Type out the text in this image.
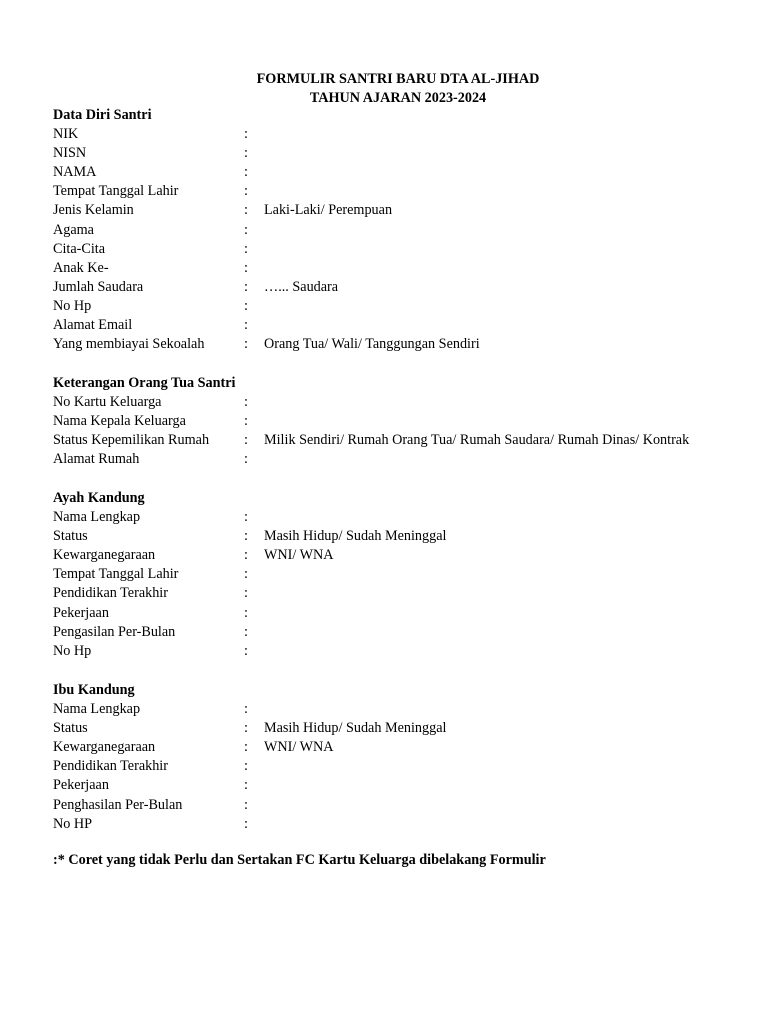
FORMULIR SANTRI BARU DTA AL-JIHAD
TAHUN AJARAN 2023-2024
Data Diri Santri
NIK	:
NISN	:
NAMA	:
Tempat Tanggal Lahir	:
Jenis Kelamin	: Laki-Laki/ Perempuan
Agama	:
Cita-Cita	:
Anak Ke-	:
Jumlah Saudara	: …... Saudara
No Hp	:
Alamat Email	:
Yang membiayai Sekoalah	: Orang Tua/ Wali/ Tanggungan Sendiri
Keterangan Orang Tua Santri
No Kartu Keluarga	:
Nama Kepala Keluarga	:
Status Kepemilikan Rumah : Milik Sendiri/ Rumah Orang Tua/ Rumah Saudara/ Rumah Dinas/ Kontrak
Alamat Rumah	:
Ayah Kandung
Nama Lengkap	:
Status	: Masih Hidup/ Sudah Meninggal
Kewarganegaraan	: WNI/ WNA
Tempat Tanggal Lahir	:
Pendidikan Terakhir	:
Pekerjaan	:
Pengasilan Per-Bulan	:
No Hp	:
Ibu Kandung
Nama Lengkap	:
Status	: Masih Hidup/ Sudah Meninggal
Kewarganegaraan	: WNI/ WNA
Pendidikan Terakhir	:
Pekerjaan	:
Penghasilan Per-Bulan	:
No HP	:

:* Coret yang tidak Perlu dan Sertakan FC Kartu Keluarga dibelakang Formulir
